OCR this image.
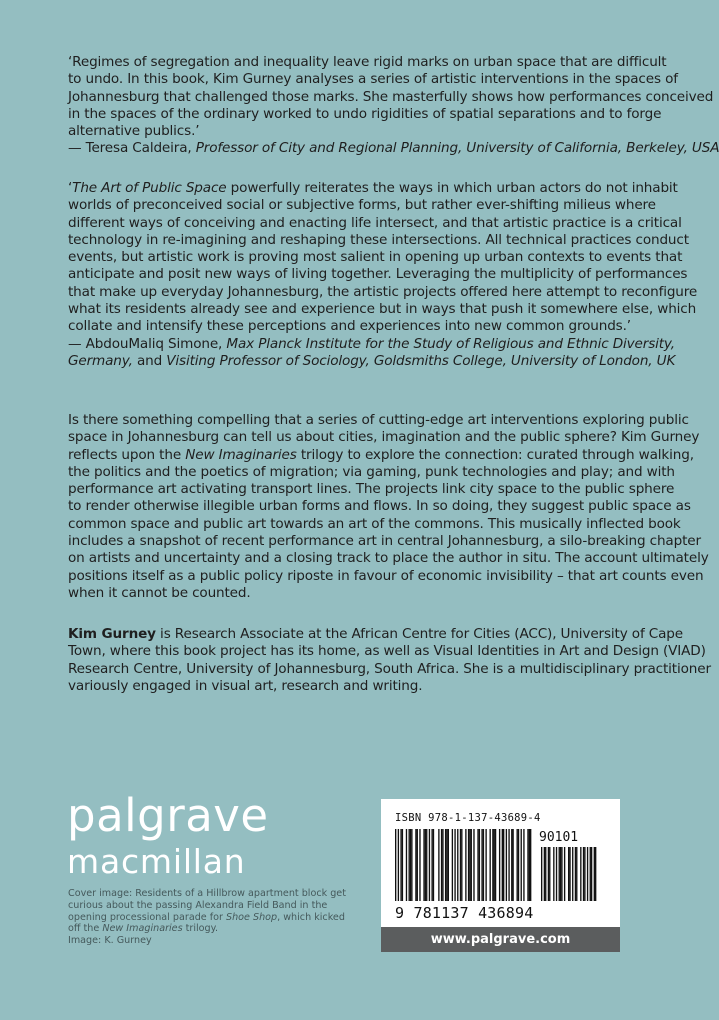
‘Regimes of segregation and inequality leave rigid marks on urban space that are difficult
to undo. In this book, Kim Gurney analyses a series of artistic interventions in the spaces of
Johannesburg that challenged those marks. She masterfully shows how performances conceived
in the spaces of the ordinary worked to undo rigidities of spatial separations and to forge
alternative publics.’
— Teresa Caldeira, Professor of City and Regional Planning, University of California, Berkeley, USA
‘The Art of Public Space powerfully reiterates the ways in which urban actors do not inhabit
worlds of preconceived social or subjective forms, but rather ever-shifting milieus where
different ways of conceiving and enacting life intersect, and that artistic practice is a critical
technology in re-imagining and reshaping these intersections. All technical practices conduct
events, but artistic work is proving most salient in opening up urban contexts to events that
anticipate and posit new ways of living together. Leveraging the multiplicity of performances
that make up everyday Johannesburg, the artistic projects offered here attempt to reconfigure
what its residents already see and experience but in ways that push it somewhere else, which
collate and intensify these perceptions and experiences into new common grounds.’
— AbdouMaliq Simone, Max Planck Institute for the Study of Religious and Ethnic Diversity,
Germany, and Visiting Professor of Sociology, Goldsmiths College, University of London, UK
Is there something compelling that a series of cutting-edge art interventions exploring public
space in Johannesburg can tell us about cities, imagination and the public sphere? Kim Gurney
reflects upon the New Imaginaries trilogy to explore the connection: curated through walking,
the politics and the poetics of migration; via gaming, punk technologies and play; and with
performance art activating transport lines. The projects link city space to the public sphere
to render otherwise illegible urban forms and flows. In so doing, they suggest public space as
common space and public art towards an art of the commons. This musically inflected book
includes a snapshot of recent performance art in central Johannesburg, a silo-breaking chapter
on artists and uncertainty and a closing track to place the author in situ. The account ultimately
positions itself as a public policy riposte in favour of economic invisibility – that art counts even
when it cannot be counted.
Kim Gurney is Research Associate at the African Centre for Cities (ACC), University of Cape
Town, where this book project has its home, as well as Visual Identities in Art and Design (VIAD)
Research Centre, University of Johannesburg, South Africa. She is a multidisciplinary practitioner
variously engaged in visual art, research and writing.
palgrave
macmillan
Cover image: Residents of a Hillbrow apartment block get
curious about the passing Alexandra Field Band in the
opening processional parade for Shoe Shop, which kicked
off the New Imaginaries trilogy.
Image: K. Gurney
ISBN 978-1-137-43689-4
90101
9 781137 436894
www.palgrave.com
